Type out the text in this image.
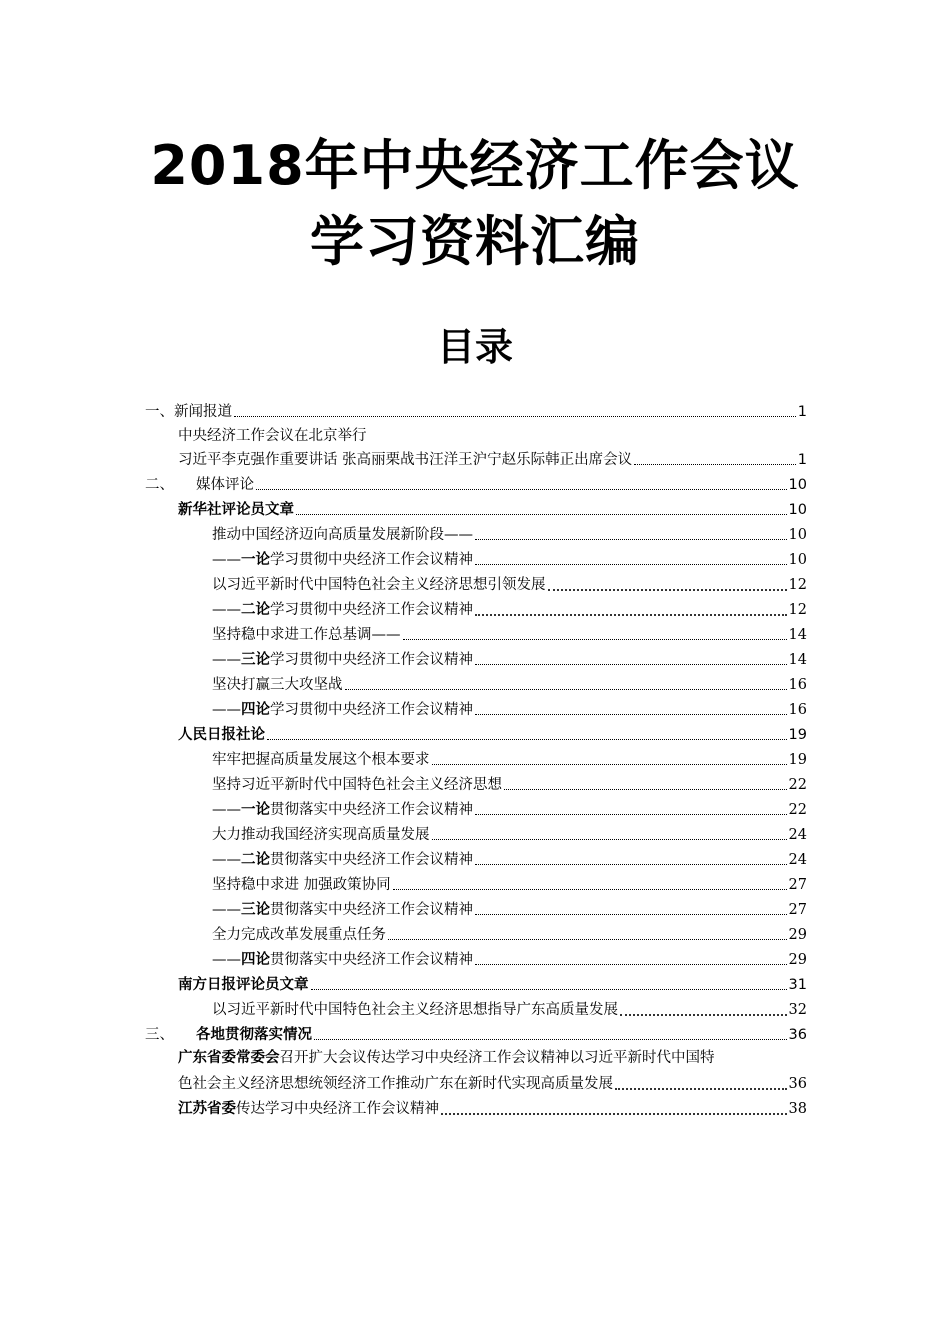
2018年中央经济工作会议
学习资料汇编
目录
一、 新闻报道	1
中央经济工作会议在北京举行
习近平李克强作重要讲话 张高丽栗战书汪洋王沪宁赵乐际韩正出席会议	1
二、 媒体评论	10
新华社评论员文章	10
推动中国经济迈向高质量发展新阶段——	10
—— 一论 学习贯彻中央经济工作会议精神	10
以习近平新时代中国特色社会主义经济思想引领发展	12
—— 二论 学习贯彻中央经济工作会议精神	12
坚持稳中求进工作总基调——	14
—— 三论 学习贯彻中央经济工作会议精神	14
坚决打赢三大攻坚战	16
—— 四论 学习贯彻中央经济工作会议精神	16
人民日报社论	19
牢牢把握高质量发展这个根本要求	19
坚持习近平新时代中国特色社会主义经济思想	22
—— 一论 贯彻落实中央经济工作会议精神	22
大力推动我国经济实现高质量发展	24
—— 二论 贯彻落实中央经济工作会议精神	24
坚持稳中求进 加强政策协同	27
—— 三论 贯彻落实中央经济工作会议精神	27
全力完成改革发展重点任务	29
—— 四论 贯彻落实中央经济工作会议精神	29
南方日报评论员文章	31
以习近平新时代中国特色社会主义经济思想指导广东高质量发展	32
三、 各地贯彻落实情况	36
广东省委常委会召开扩大会议传达学习中央经济工作会议精神以习近平新时代中国特
色社会主义经济思想统领经济工作推动广东在新时代实现高质量发展	36
江苏省委 传达学习中央经济工作会议精神	38
